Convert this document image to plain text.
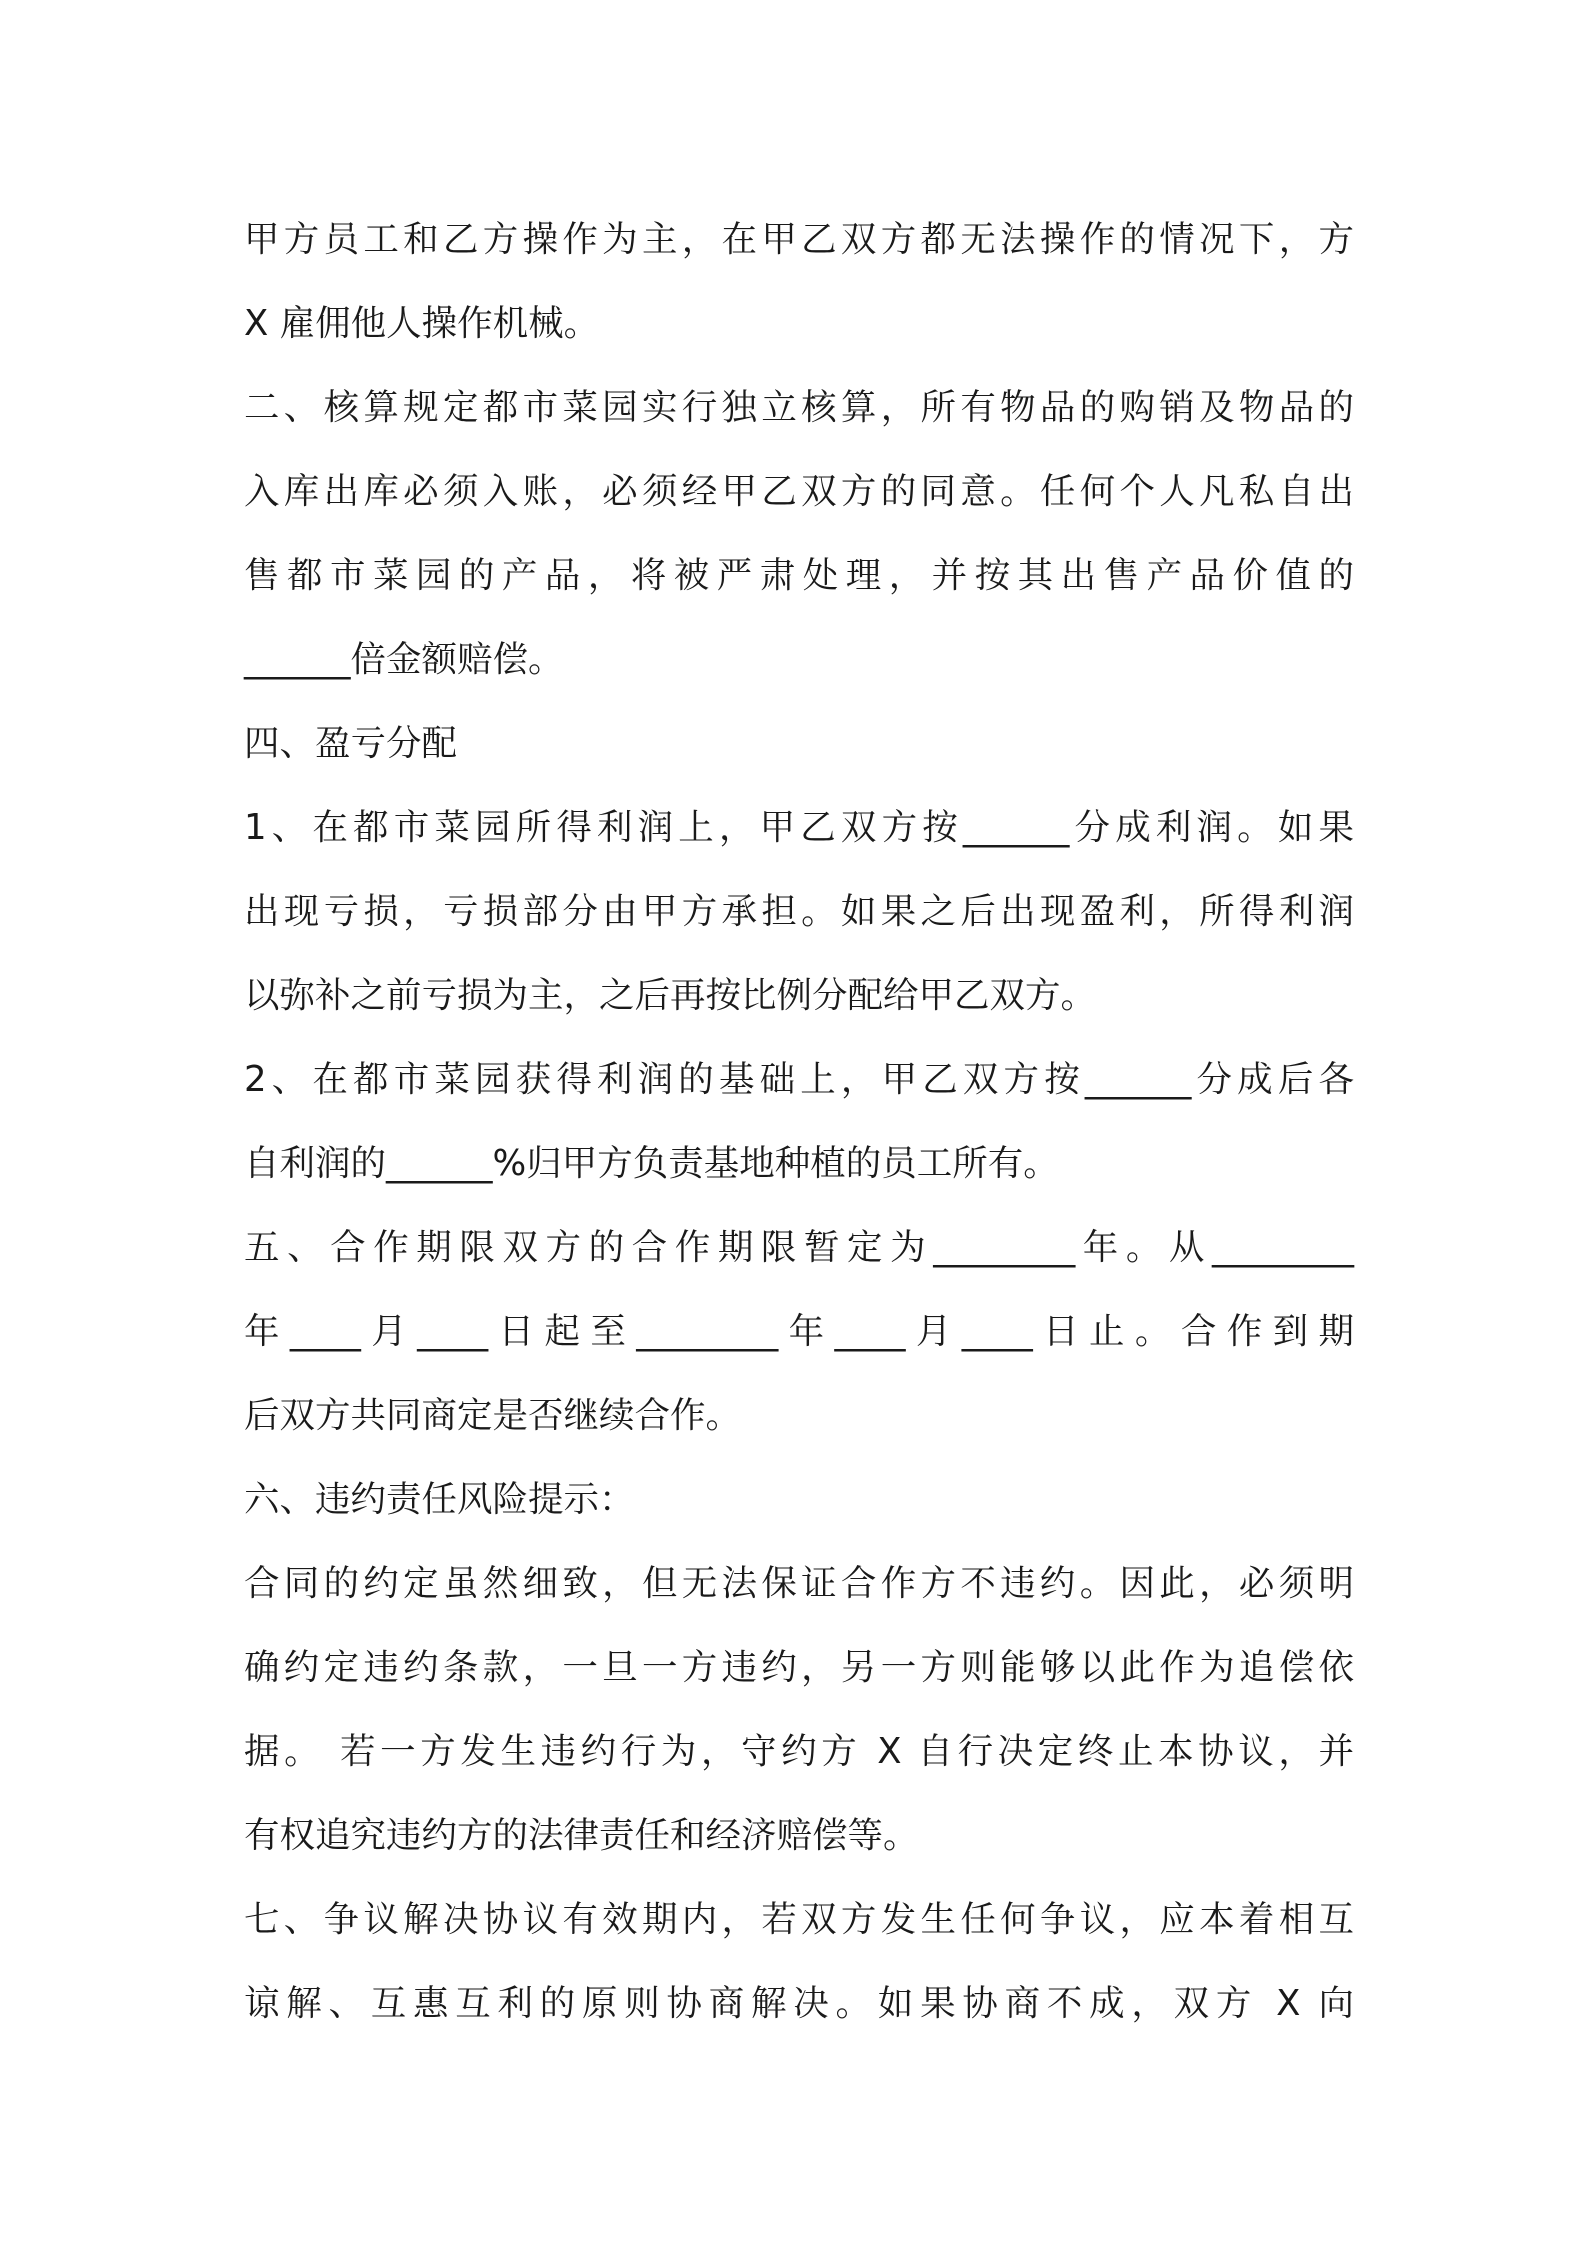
甲方员工和乙方操作为主，在甲乙双方都无法操作的情况下，方
X 雇佣他人操作机械。
二、核算规定都市菜园实行独立核算，所有物品的购销及物品的
入库出库必须入账，必须经甲乙双方的同意。任何个人凡私自出
售都市菜园的产品，将被严肃处理，并按其出售产品价值的
______倍金额赔偿。
四、盈亏分配
1、在都市菜园所得利润上，甲乙双方按______分成利润。如果
出现亏损，亏损部分由甲方承担。如果之后出现盈利，所得利润
以弥补之前亏损为主，之后再按比例分配给甲乙双方。
2、在都市菜园获得利润的基础上，甲乙双方按______分成后各
自利润的______%归甲方负责基地种植的员工所有。
五、合作期限双方的合作期限暂定为________年。从________
年____月____日起至________年____月____日止。合作到期
后双方共同商定是否继续合作。
六、违约责任风险提示：
合同的约定虽然细致，但无法保证合作方不违约。因此，必须明
确约定违约条款，一旦一方违约，另一方则能够以此作为追偿依
据。 若一方发生违约行为，守约方 X 自行决定终止本协议，并
有权追究违约方的法律责任和经济赔偿等。
七、争议解决协议有效期内，若双方发生任何争议，应本着相互
谅解、互惠互利的原则协商解决。如果协商不成，双方 X 向
